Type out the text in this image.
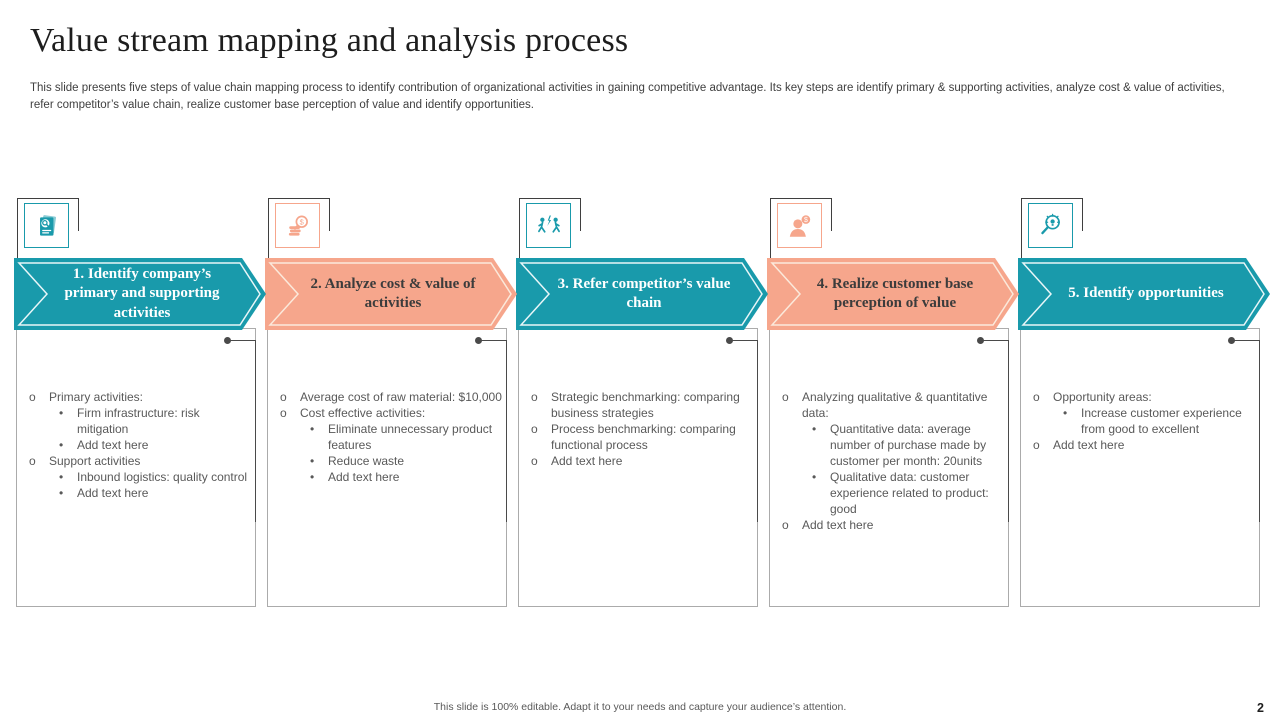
Value stream mapping and analysis process

This slide presents five steps of value chain mapping process to identify contribution of organizational activities in gaining competitive advantage. Its key steps are identify primary & supporting activities, analyze cost & value of activities, refer competitor’s value chain, realize customer base perception of value and identify opportunities.

1. Identify company’s primary and supporting activities
o Primary activities:
• Firm infrastructure: risk mitigation
• Add text here
o Support activities
• Inbound logistics: quality control
• Add text here
$
2. Analyze cost & value of activities
o Average cost of raw material: $10,000
o Cost effective activities:
• Eliminate unnecessary product features
• Reduce waste
• Add text here
3. Refer competitor’s value chain
o Strategic benchmarking: comparing business strategies
o Process benchmarking: comparing functional process
o Add text here
$
4. Realize customer base perception of value
o Analyzing qualitative & quantitative data:
• Quantitative data: average number of purchase made by customer per month: 20units
• Qualitative data: customer experience related to product: good
o Add text here
5. Identify opportunities
o Opportunity areas:
• Increase customer experience from good to excellent
o Add text here
This slide is 100% editable. Adapt it to your needs and capture your audience’s attention.	2
